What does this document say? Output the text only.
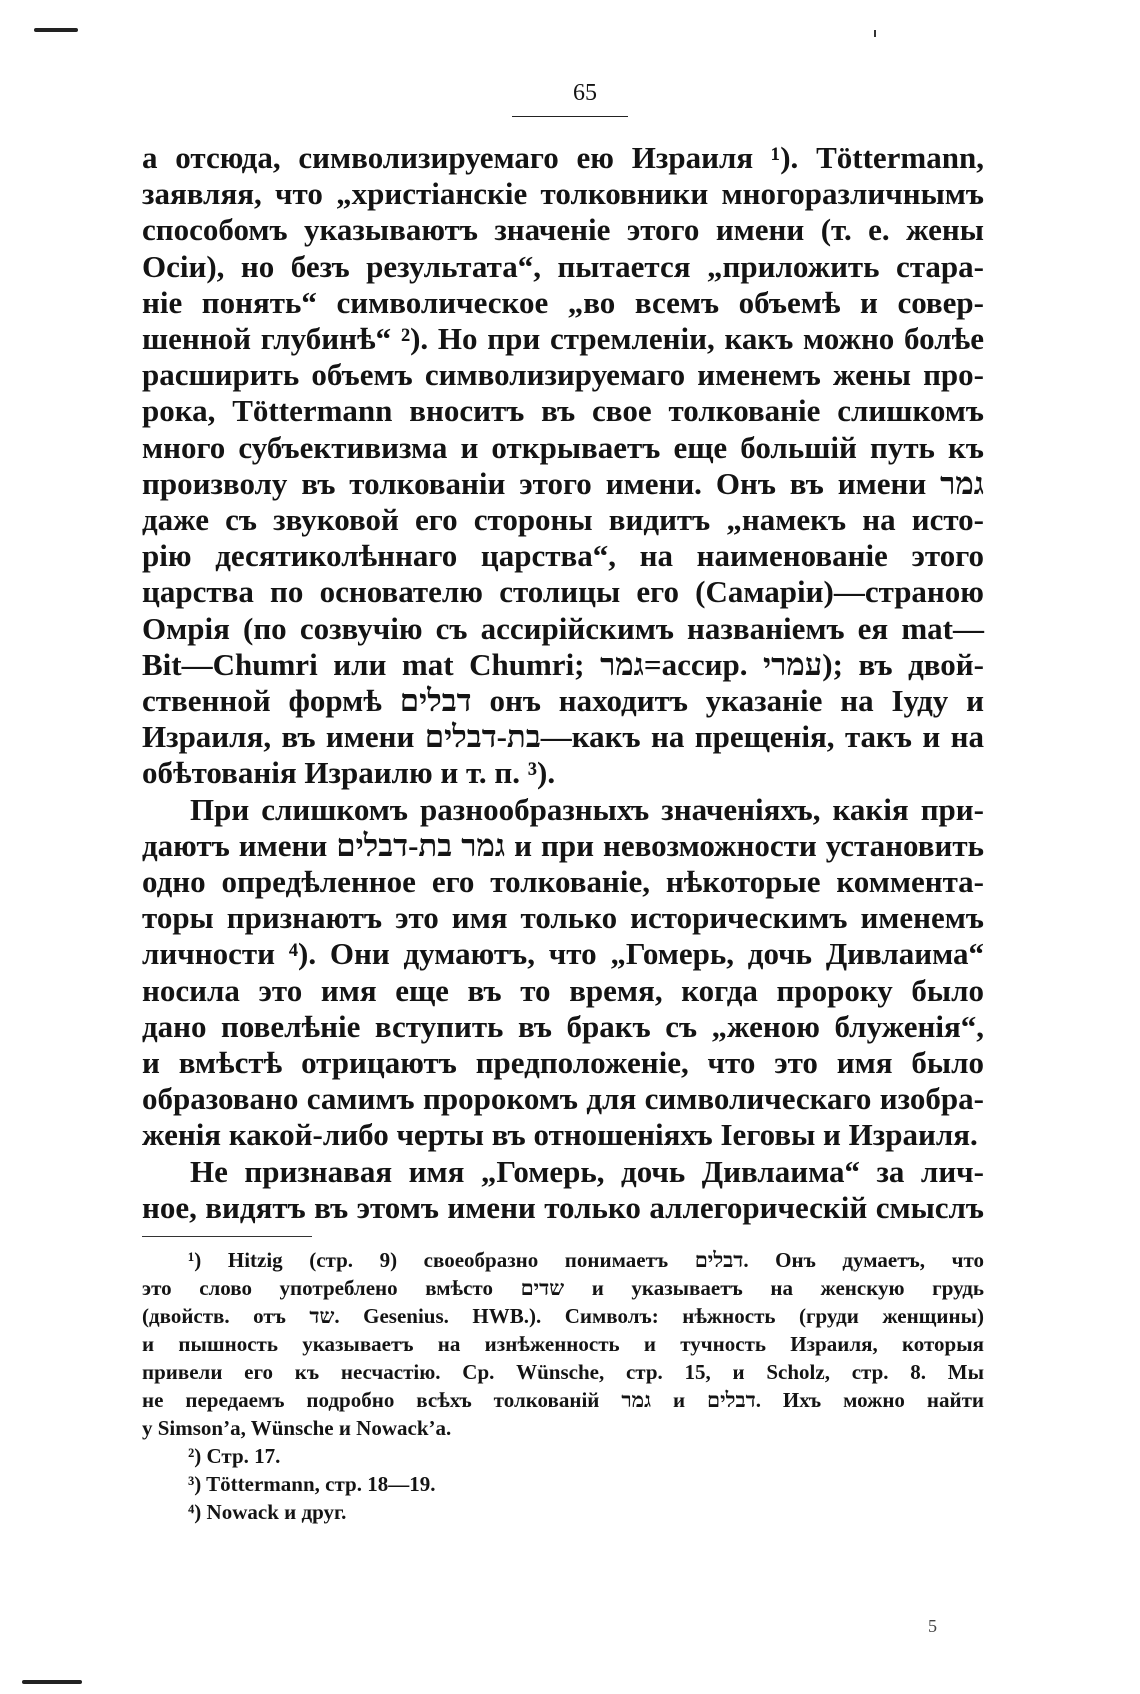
65

а отсюда, символизируемаго ею Израиля ¹). Töttermann,
заявляя, что „христіанскіе толковники многоразличнымъ
способомъ указываютъ значеніе этого имени (т. е. жены
Осіи), но безъ результата“, пытается „приложить стара-
ніе понять“ символическое „во всемъ объемѣ и совер-
шенной глубинѣ“ ²). Но при стремленіи, какъ можно болѣе
расширить объемъ символизируемаго именемъ жены про-
рока, Töttermann вноситъ въ свое толкованіе слишкомъ
много субъективизма и открываетъ еще большій путь къ
произволу въ толкованіи этого имени. Онъ въ имени גמר
даже съ звуковой его стороны видитъ „намекъ на исто-
рію десятиколѣннаго царства“, на наименованіе этого
царства по основателю столицы его (Самаріи)—страною
Омрія (по созвучію съ ассирійскимъ названіемъ ея mat—
Bit—Chumri или mat Chumri; גמר=ассир. עמרי); въ двой-
ственной формѣ דבלים онъ находитъ указаніе на Іуду и
Израиля, въ имени בת-דבלים—какъ на прещенія, такъ и на
обѣтованія Израилю и т. п. ³).

При слишкомъ разнообразныхъ значеніяхъ, какія при-
даютъ имени גמר בת-דבלים и при невозможности установить
одно опредѣленное его толкованіе, нѣкоторые коммента-
торы признаютъ это имя только историческимъ именемъ
личности ⁴). Они думаютъ, что „Гомерь, дочь Дивлаима“
носила это имя еще въ то время, когда пророку было
дано повелѣніе вступить въ бракъ съ „женою блуженія“,
и вмѣстѣ отрицаютъ предположеніе, что это имя было
образовано самимъ пророкомъ для символическаго изобра-
женія какой-либо черты въ отношеніяхъ Іеговы и Израиля.

Не признавая имя „Гомерь, дочь Дивлаима“ за лич-
ное, видятъ въ этомъ имени только аллегорическій смыслъ

¹) Hitzig (стр. 9) своеобразно понимаетъ דבלים. Онъ думаетъ, что
это слово употреблено вмѣсто שדים и указываетъ на женскую грудь
(двойств. отъ שד. Gesenius. HWB.). Символъ: нѣжность (груди женщины)
и пышность указываетъ на изнѣженность и тучность Израиля, которыя
привели его къ несчастію. Ср. Wünsche, стр. 15, и Scholz, стр. 8. Мы
не передаемъ подробно всѣхъ толкованій גמר и דבלים. Ихъ можно найти
у Simson’a, Wünsche и Nowack’a.
²) Стр. 17.
³) Töttermann, стр. 18—19.
⁴) Nowack и друг.
5
